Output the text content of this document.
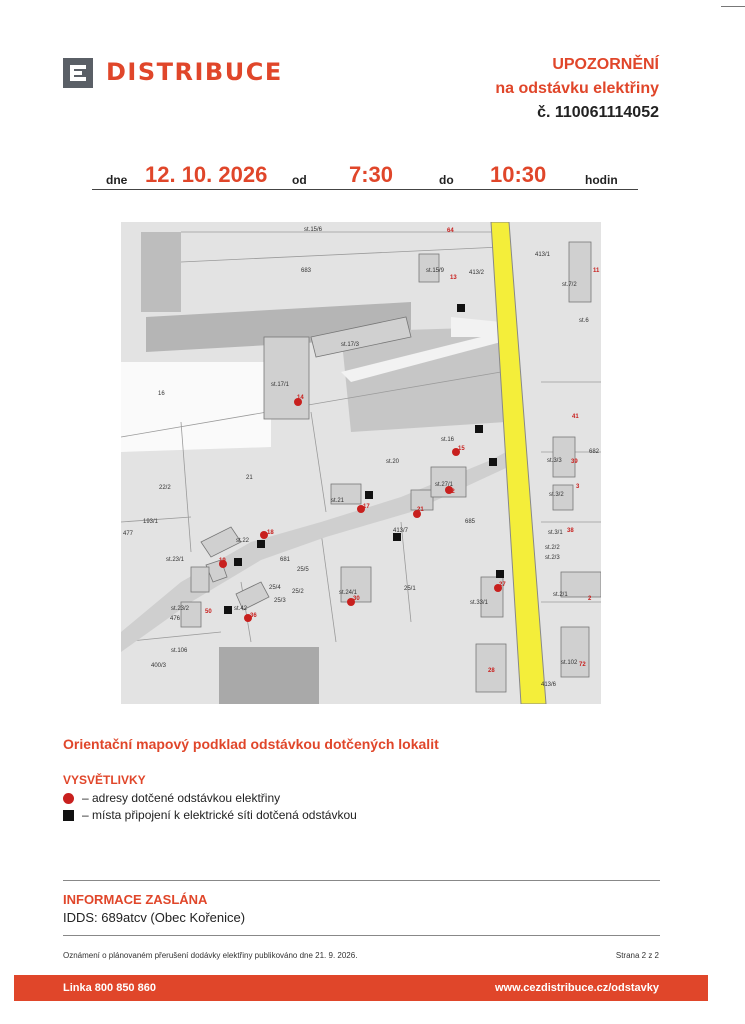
DISTRIBUCE	UPOZORNĚNÍ
na odstávku elektřiny
č. 110061114052
dne 12. 10. 2026 od 7:30	do 10:30	hodin
st.15/6
683	st.15/9	413/2
413/1
st.7/2
st.6
st.17/3
st.17/1
16
st.16
682
st.20	st.3/3
21
22/2	st.27/1
st.3/2
st.21
685
193/1
477
st.22
413/7	st.3/1
st.2/2
st.2/3
st.23/1	681
25/5
25/4
25/2
25/3
st.24/1
25/1
st.33/1
st.2/1
st.23/2	st.42
476
st.106
400/3	st.102
413/6
64
13
11
14
41
15
39
22
3
17	21
38
18
19
30
27
2
50
36
28
72
Orientační mapový podklad odstávkou dotčených lokalit
VYSVĚTLIVKY
– adresy dotčené odstávkou elektřiny
– místa připojení k elektrické síti dotčená odstávkou
INFORMACE ZASLÁNA
IDDS: 689atcv (Obec Kořenice)
Oznámení o plánovaném přerušení dodávky elektřiny publikováno dne 21. 9. 2026.	Strana 2 z 2
Linka 800 850 860	www.cezdistribuce.cz/odstavky
